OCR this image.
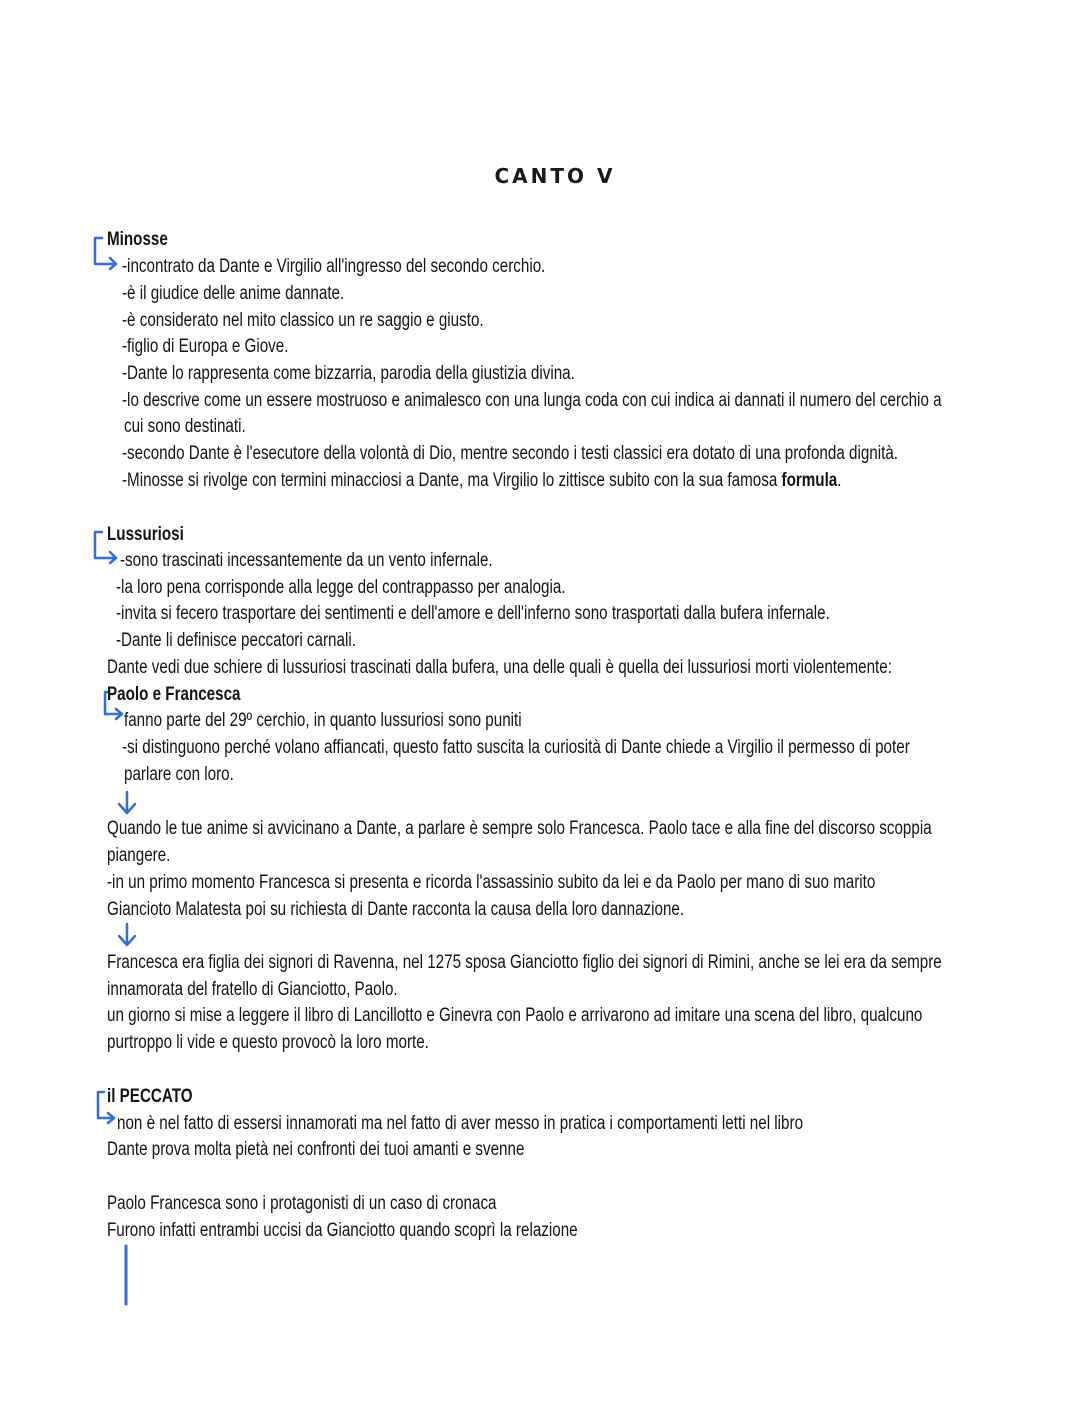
CANTO V
Minosse
-incontrato da Dante e Virgilio all'ingresso del secondo cerchio.
-è il giudice delle anime dannate.
-è considerato nel mito classico un re saggio e giusto.
-figlio di Europa e Giove.
-Dante lo rappresenta come bizzarria, parodia della giustizia divina.
-lo descrive come un essere mostruoso e animalesco con una lunga coda con cui indica ai dannati il numero del cerchio a
cui sono destinati.
-secondo Dante è l'esecutore della volontà di Dio, mentre secondo i testi classici era dotato di una profonda dignità.
-Minosse si rivolge con termini minacciosi a Dante, ma Virgilio lo zittisce subito con la sua famosa formula.
Lussuriosi
-sono trascinati incessantemente da un vento infernale.
-la loro pena corrisponde alla legge del contrappasso per analogia.
-invita si fecero trasportare dei sentimenti e dell'amore e dell'inferno sono trasportati dalla bufera infernale.
-Dante li definisce peccatori carnali.
Dante vedi due schiere di lussuriosi trascinati dalla bufera, una delle quali è quella dei lussuriosi morti violentemente:
Paolo e Francesca
fanno parte del 29º cerchio, in quanto lussuriosi sono puniti
-si distinguono perché volano affiancati, questo fatto suscita la curiosità di Dante chiede a Virgilio il permesso di poter
parlare con loro.
Quando le tue anime si avvicinano a Dante, a parlare è sempre solo Francesca. Paolo tace e alla fine del discorso scoppia
piangere.
-in un primo momento Francesca si presenta e ricorda l'assassinio subito da lei e da Paolo per mano di suo marito
Giancioto Malatesta poi su richiesta di Dante racconta la causa della loro dannazione.
Francesca era figlia dei signori di Ravenna, nel 1275 sposa Gianciotto figlio dei signori di Rimini, anche se lei era da sempre
innamorata del fratello di Gianciotto, Paolo.
un giorno si mise a leggere il libro di Lancillotto e Ginevra con Paolo e arrivarono ad imitare una scena del libro, qualcuno
purtroppo li vide e questo provocò la loro morte.
il PECCATO
non è nel fatto di essersi innamorati ma nel fatto di aver messo in pratica i comportamenti letti nel libro
Dante prova molta pietà nei confronti dei tuoi amanti e svenne
Paolo Francesca sono i protagonisti di un caso di cronaca
Furono infatti entrambi uccisi da Gianciotto quando scoprì la relazione
